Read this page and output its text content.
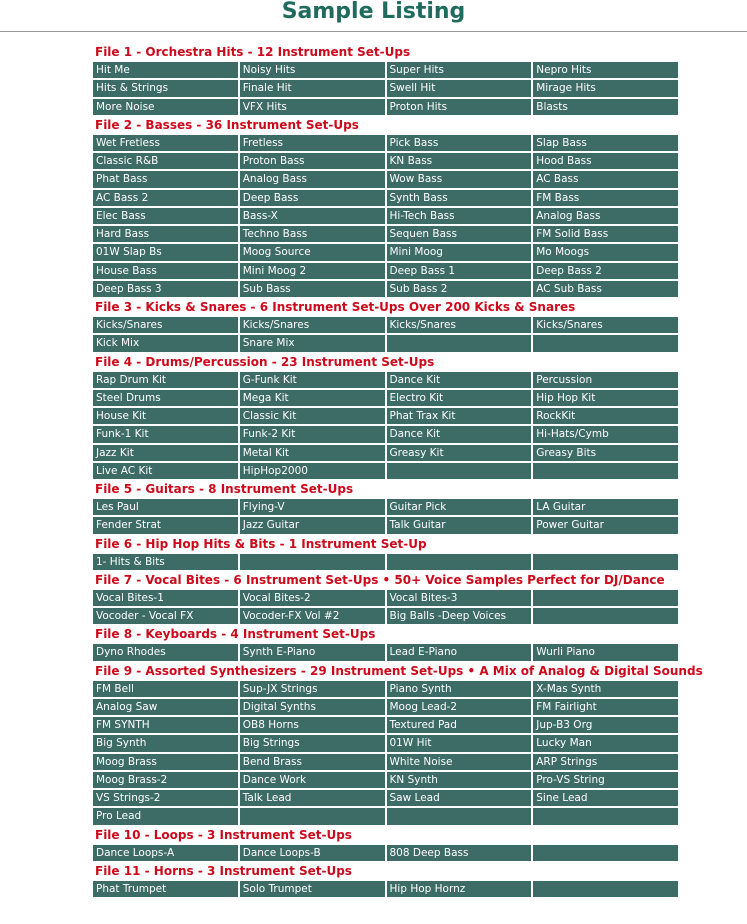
Sample Listing
File 1 - Orchestra Hits - 12 Instrument Set-Ups
Hit Me	Noisy Hits	Super Hits	Nepro Hits
Hits & Strings	Finale Hit	Swell Hit	Mirage Hits
More Noise	VFX Hits	Proton Hits	Blasts
File 2 - Basses - 36 Instrument Set-Ups
Wet Fretless	Fretless	Pick Bass	Slap Bass
Classic R&B	Proton Bass	KN Bass	Hood Bass
Phat Bass	Analog Bass	Wow Bass	AC Bass
AC Bass 2	Deep Bass	Synth Bass	FM Bass
Elec Bass	Bass-X	Hi-Tech Bass	Analog Bass
Hard Bass	Techno Bass	Sequen Bass	FM Solid Bass
01W Slap Bs	Moog Source	Mini Moog	Mo Moogs
House Bass	Mini Moog 2	Deep Bass 1	Deep Bass 2
Deep Bass 3	Sub Bass	Sub Bass 2	AC Sub Bass
File 3 - Kicks & Snares - 6 Instrument Set-Ups Over 200 Kicks & Snares
Kicks/Snares	Kicks/Snares	Kicks/Snares	Kicks/Snares
Kick Mix	Snare Mix
File 4 - Drums/Percussion - 23 Instrument Set-Ups
Rap Drum Kit	G-Funk Kit	Dance Kit	Percussion
Steel Drums	Mega Kit	Electro Kit	Hip Hop Kit
House Kit	Classic Kit	Phat Trax Kit	RockKit
Funk-1 Kit	Funk-2 Kit	Dance Kit	Hi-Hats/Cymb
Jazz Kit	Metal Kit	Greasy Kit	Greasy Bits
Live AC Kit	HipHop2000
File 5 - Guitars - 8 Instrument Set-Ups
Les Paul	Flying-V	Guitar Pick	LA Guitar
Fender Strat	Jazz Guitar	Talk Guitar	Power Guitar
File 6 - Hip Hop Hits & Bits - 1 Instrument Set-Up
1- Hits & Bits
File 7 - Vocal Bites - 6 Instrument Set-Ups • 50+ Voice Samples Perfect for DJ/Dance
Vocal Bites-1	Vocal Bites-2	Vocal Bites-3
Vocoder - Vocal FX	Vocoder-FX Vol #2	Big Balls -Deep Voices
File 8 - Keyboards - 4 Instrument Set-Ups
Dyno Rhodes	Synth E-Piano	Lead E-Piano	Wurli Piano
File 9 - Assorted Synthesizers - 29 Instrument Set-Ups • A Mix of Analog & Digital Sounds
FM Bell	Sup-JX Strings	Piano Synth	X-Mas Synth
Analog Saw	Digital Synths	Moog Lead-2	FM Fairlight
FM SYNTH	OB8 Horns	Textured Pad	Jup-B3 Org
Big Synth	Big Strings	01W Hit	Lucky Man
Moog Brass	Bend Brass	White Noise	ARP Strings
Moog Brass-2	Dance Work	KN Synth	Pro-VS String
VS Strings-2	Talk Lead	Saw Lead	Sine Lead
Pro Lead
File 10 - Loops - 3 Instrument Set-Ups
Dance Loops-A	Dance Loops-B	808 Deep Bass
File 11 - Horns - 3 Instrument Set-Ups
Phat Trumpet	Solo Trumpet	Hip Hop Hornz
